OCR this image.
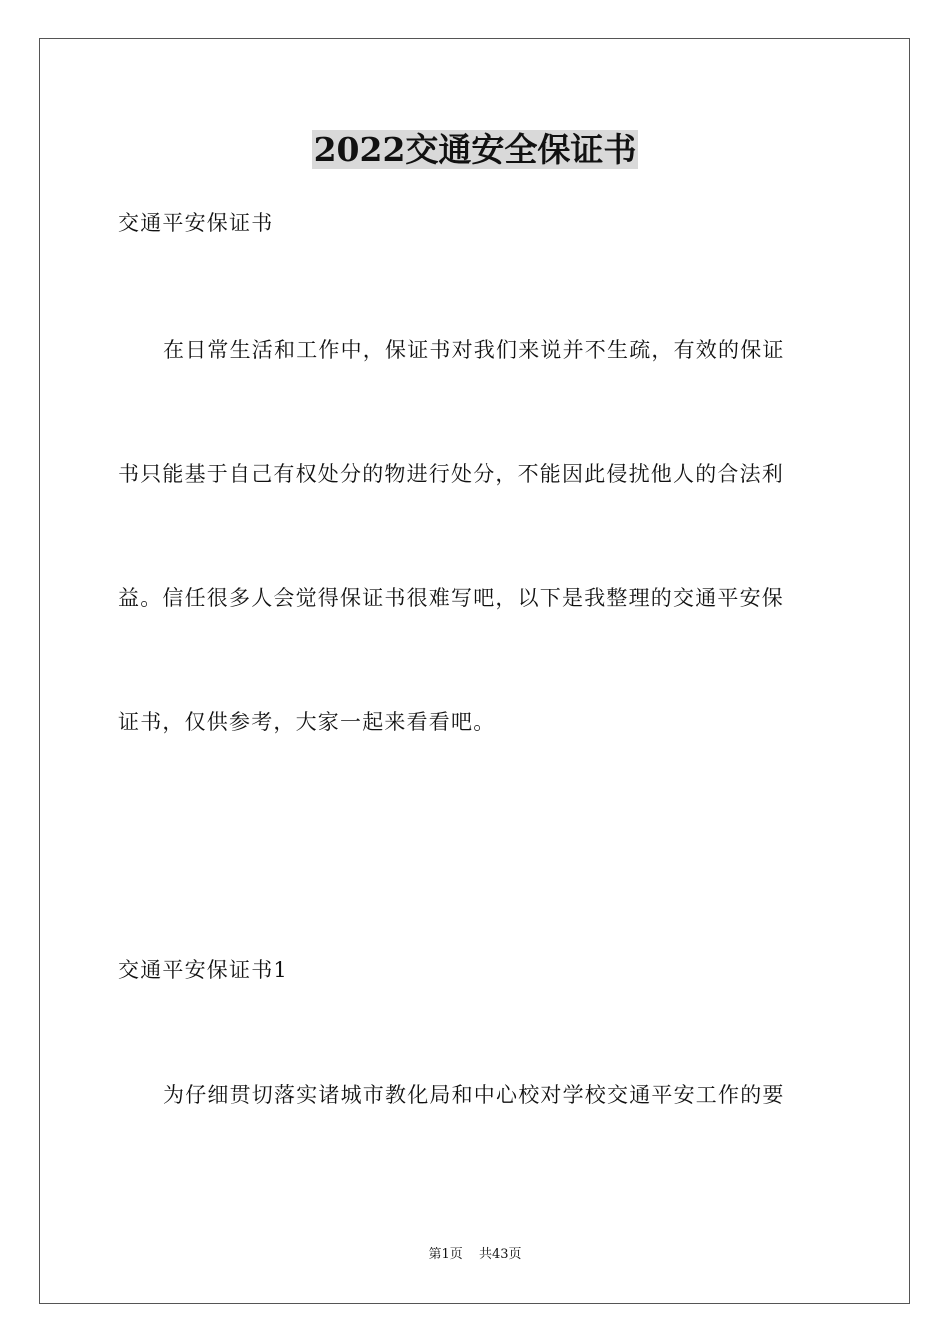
2022交通安全保证书

交通平安保证书

在日常生活和工作中，保证书对我们来说并不生疏，有效的保证

书只能基于自己有权处分的物进行处分，不能因此侵扰他人的合法利

益。信任很多人会觉得保证书很难写吧，以下是我整理的交通平安保

证书，仅供参考，大家一起来看看吧。

交通平安保证书1

为仔细贯切落实诸城市教化局和中心校对学校交通平安工作的要

第1页 共43页
